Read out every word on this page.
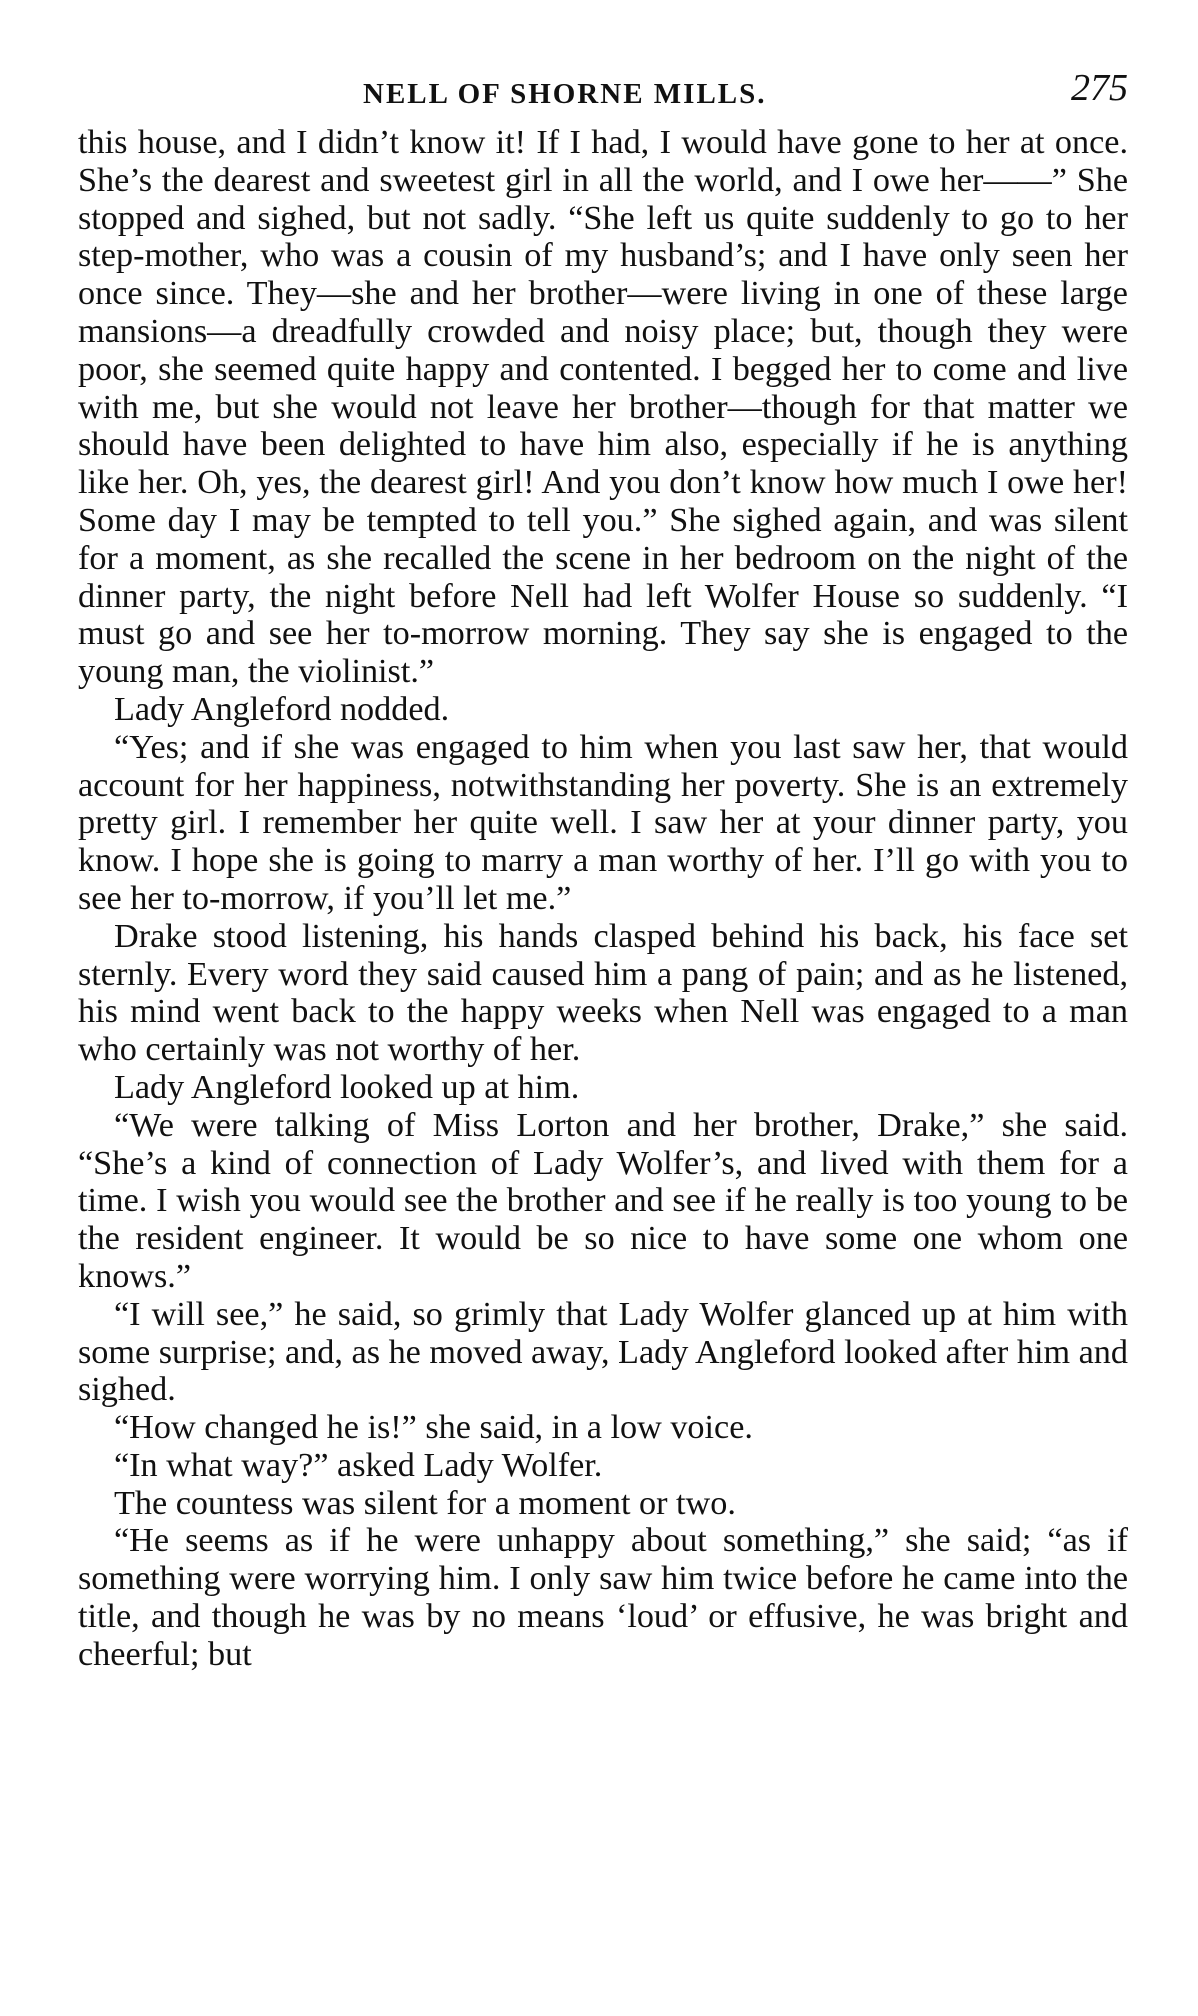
NELL OF SHORNE MILLS.	275

this house, and I didn’t know it! If I had, I would have gone to her at once. She’s the dearest and sweetest girl in all the world, and I owe her——” She stopped and sighed, but not sadly. “She left us quite suddenly to go to her step-mother, who was a cousin of my husband’s; and I have only seen her once since. They—she and her brother—were living in one of these large mansions—a dreadfully crowded and noisy place; but, though they were poor, she seemed quite happy and contented. I begged her to come and live with me, but she would not leave her brother—though for that matter we should have been delighted to have him also, especially if he is anything like her. Oh, yes, the dearest girl! And you don’t know how much I owe her! Some day I may be tempted to tell you.” She sighed again, and was silent for a moment, as she recalled the scene in her bedroom on the night of the dinner party, the night before Nell had left Wolfer House so suddenly. “I must go and see her to-morrow morning. They say she is engaged to the young man, the violinist.”

Lady Angleford nodded.

“Yes; and if she was engaged to him when you last saw her, that would account for her happiness, notwithstanding her poverty. She is an extremely pretty girl. I remember her quite well. I saw her at your dinner party, you know. I hope she is going to marry a man worthy of her. I’ll go with you to see her to-morrow, if you’ll let me.”

Drake stood listening, his hands clasped behind his back, his face set sternly. Every word they said caused him a pang of pain; and as he listened, his mind went back to the happy weeks when Nell was engaged to a man who certainly was not worthy of her.

Lady Angleford looked up at him.

“We were talking of Miss Lorton and her brother, Drake,” she said. “She’s a kind of connection of Lady Wolfer’s, and lived with them for a time. I wish you would see the brother and see if he really is too young to be the resident engineer. It would be so nice to have some one whom one knows.”

“I will see,” he said, so grimly that Lady Wolfer glanced up at him with some surprise; and, as he moved away, Lady Angleford looked after him and sighed.

“How changed he is!” she said, in a low voice.

“In what way?” asked Lady Wolfer.

The countess was silent for a moment or two.

“He seems as if he were unhappy about something,” she said; “as if something were worrying him. I only saw him twice before he came into the title, and though he was by no means ‘loud’ or effusive, he was bright and cheerful; but
